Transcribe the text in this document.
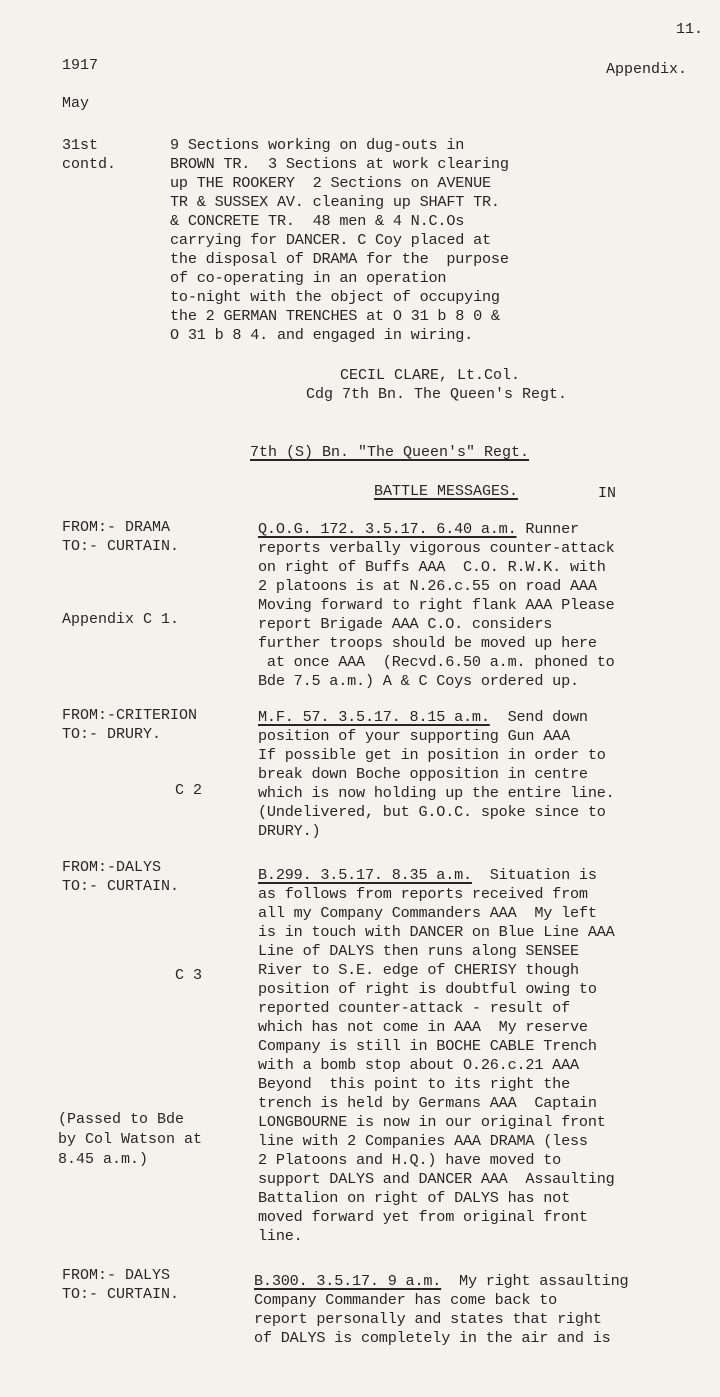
11.
1917	Appendix.
May
31st
contd.
9 Sections working on dug-outs in
BROWN TR.  3 Sections at work clearing
up THE ROOKERY  2 Sections on AVENUE
TR & SUSSEX AV. cleaning up SHAFT TR.
& CONCRETE TR.  48 men & 4 N.C.Os
carrying for DANCER. C Coy placed at
the disposal of DRAMA for the  purpose
of co-operating in an operation
to-night with the object of occupying
the 2 GERMAN TRENCHES at O 31 b 8 0 &
O 31 b 8 4. and engaged in wiring.
CECIL CLARE, Lt.Col.
Cdg 7th Bn. The Queen's Regt.
7th (S) Bn. "The Queen's" Regt.
BATTLE MESSAGES.	IN
FROM:- DRAMA
TO:- CURTAIN.
Q.O.G. 172. 3.5.17. 6.40 a.m. Runner
reports verbally vigorous counter-attack
on right of Buffs AAA  C.O. R.W.K. with
2 platoons is at N.26.c.55 on road AAA
Moving forward to right flank AAA Please
report Brigade AAA C.O. considers
further troops should be moved up here
at once AAA  (Recvd.6.50 a.m. phoned to
Bde 7.5 a.m.) A & C Coys ordered up.
Appendix C 1.
FROM:-CRITERION
TO:- DRURY.
M.F. 57. 3.5.17. 8.15 a.m.  Send down
position of your supporting Gun AAA
If possible get in position in order to
break down Boche opposition in centre
which is now holding up the entire line.
(Undelivered, but G.O.C. spoke since to
DRURY.)
C 2
FROM:-DALYS
TO:- CURTAIN.
B.299. 3.5.17. 8.35 a.m.  Situation is
as follows from reports received from
all my Company Commanders AAA  My left
is in touch with DANCER on Blue Line AAA
Line of DALYS then runs along SENSEE
River to S.E. edge of CHERISY though
position of right is doubtful owing to
reported counter-attack - result of
which has not come in AAA  My reserve
Company is still in BOCHE CABLE Trench
with a bomb stop about O.26.c.21 AAA
Beyond  this point to its right the
trench is held by Germans AAA  Captain
LONGBOURNE is now in our original front
line with 2 Companies AAA DRAMA (less
2 Platoons and H.Q.) have moved to
support DALYS and DANCER AAA  Assaulting
Battalion on right of DALYS has not
moved forward yet from original front
line.
C 3
(Passed to Bde
by Col Watson at
8.45 a.m.)
FROM:- DALYS
TO:- CURTAIN.
B.300. 3.5.17. 9 a.m.  My right assaulting
Company Commander has come back to
report personally and states that right
of DALYS is completely in the air and is
